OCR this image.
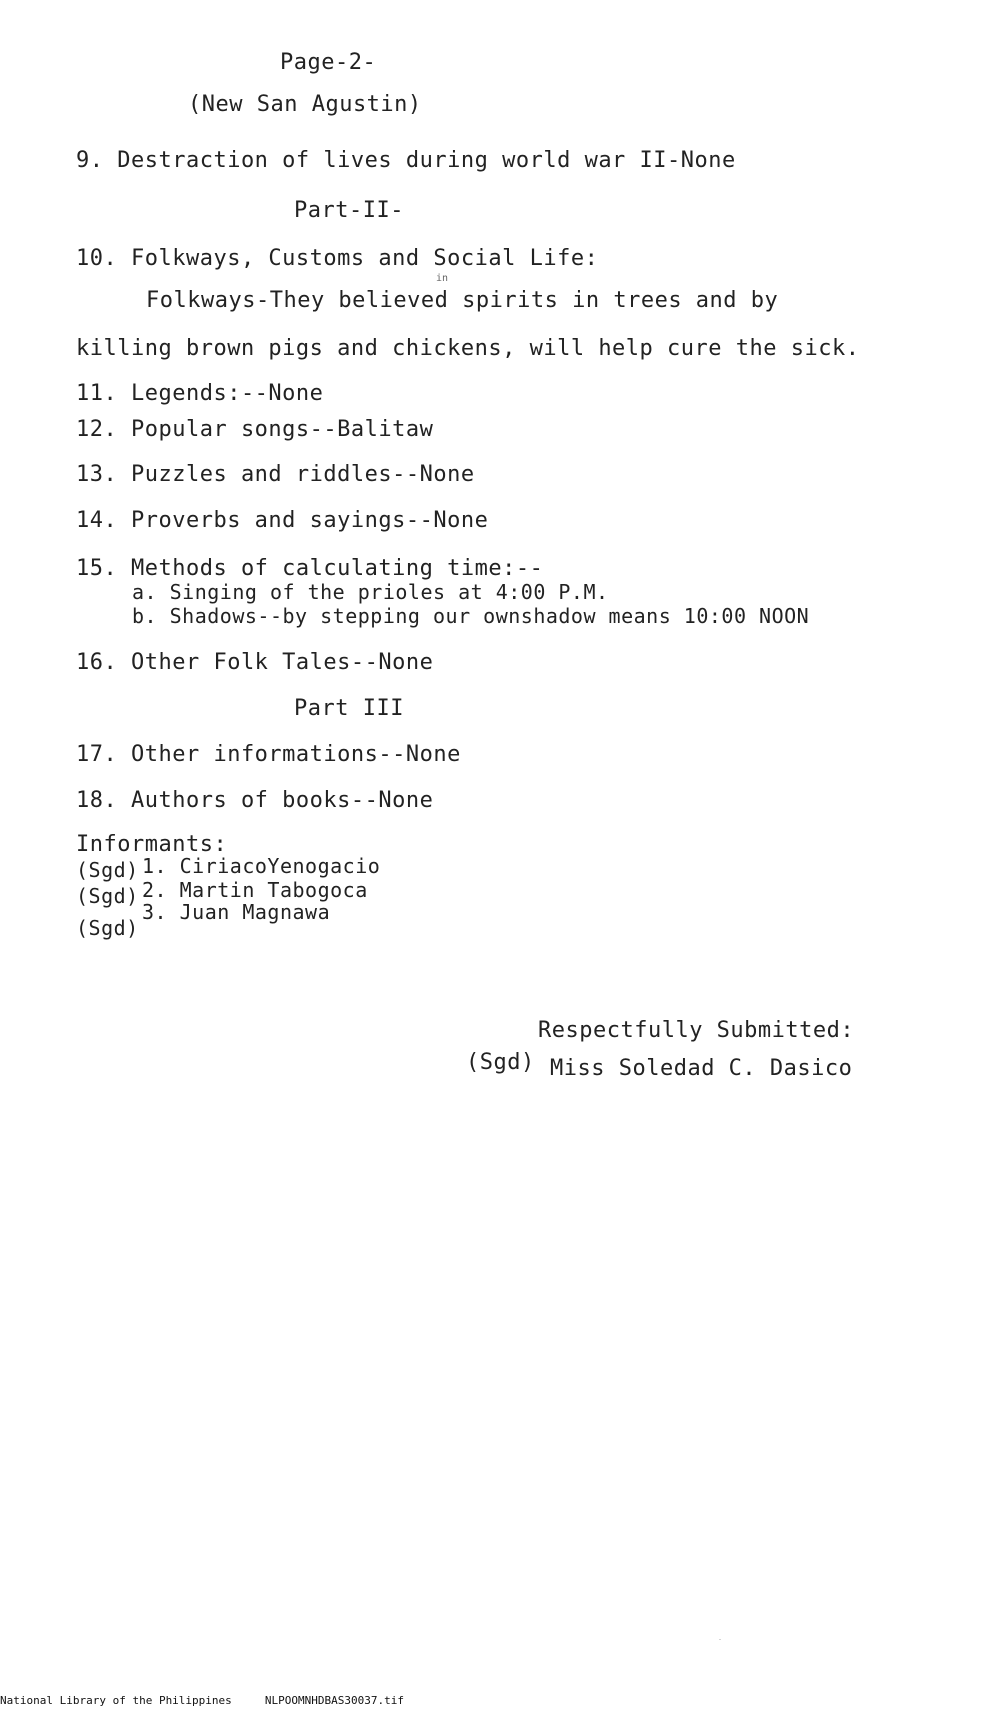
Page-2-
(New San Agustin)
9. Destraction of lives during world war II-None
Part-II-
10. Folkways, Customs and Social Life:
in
Folkways-They believed spirits in trees and by
killing brown pigs and chickens, will help cure the sick.
11. Legends:--None
12. Popular songs--Balitaw
13. Puzzles and riddles--None
14. Proverbs and sayings--None
15. Methods of calculating time:--
a. Singing of the prioles at 4:00 P.M.
b. Shadows--by stepping our ownshadow means 10:00 NOON
16. Other Folk Tales--None
Part III
17. Other informations--None
18. Authors of books--None
Informants:
(Sgd) 1. CiriacoYenogacio
(Sgd) 2. Martin Tabogoca
(Sgd)
3. Juan Magnawa
Respectfully Submitted:
(Sgd) Miss Soledad C. Dasico
National Library of the Philippines     NLPOOMNHDBAS30037.tif
